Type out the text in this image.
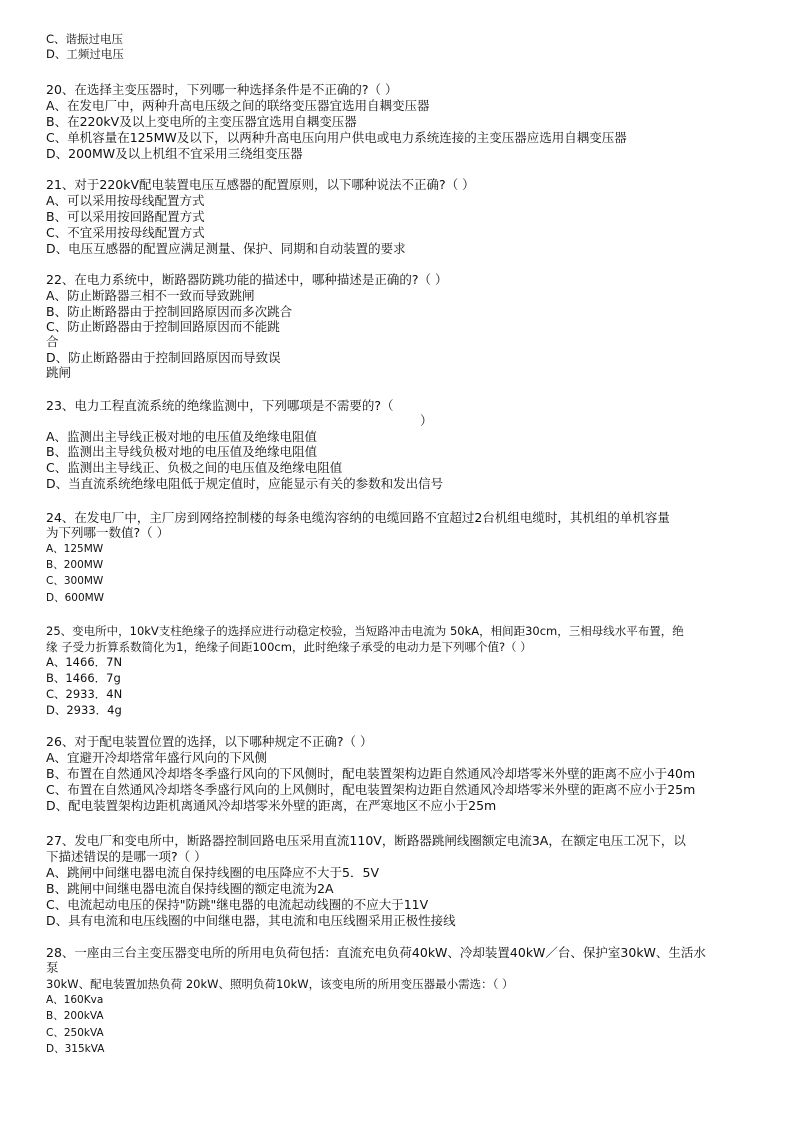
C、谐振过电压
D、工频过电压
20、在选择主变压器时，下列哪一种选择条件是不正确的?（ ）
A、在发电厂中，两种升高电压级之间的联络变压器宜选用自耦变压器
B、在220kV及以上变电所的主变压器宜选用自耦变压器
C、单机容量在125MW及以下，以两种升高电压向用户供电或电力系统连接的主变压器应选用自耦变压器
D、200MW及以上机组不宜采用三绕组变压器
21、对于220kV配电装置电压互感器的配置原则，以下哪种说法不正确?（ ）
A、可以采用按母线配置方式
B、可以采用按回路配置方式
C、不宜采用按母线配置方式
D、电压互感器的配置应满足测量、保护、同期和自动装置的要求
22、在电力系统中，断路器防跳功能的描述中，哪种描述是正确的?（ ）
A、防止断路器三相不一致而导致跳闸
B、防止断路器由于控制回路原因而多次跳合
C、防止断路器由于控制回路原因而不能跳
合
D、防止断路器由于控制回路原因而导致误
跳闸
23、电力工程直流系统的绝缘监测中，下列哪项是不需要的?（
）
A、监测出主导线正极对地的电压值及绝缘电阻值
B、监测出主导线负极对地的电压值及绝缘电阻值
C、监测出主导线正、负极之间的电压值及绝缘电阻值
D、当直流系统绝缘电阻低于规定值时，应能显示有关的参数和发出信号
24、在发电厂中，主厂房到网络控制楼的每条电缆沟容纳的电缆回路不宜超过2台机组电缆时，其机组的单机容量
为下列哪一数值?（ ）
A、125MW
B、200MW
C、300MW
D、600MW
25、变电所中，10kV支柱绝缘子的选择应进行动稳定校验，当短路冲击电流为 50kA，相间距30cm，三相母线水平布置，绝
缘 子受力折算系数简化为1，绝缘子间距100cm，此时绝缘子承受的电动力是下列哪个值?（ ）
A、1466．7N
B、1466．7g
C、2933．4N
D、2933．4g
26、对于配电装置位置的选择，以下哪种规定不正确?（ ）
A、宜避开冷却塔常年盛行风向的下风侧
B、布置在自然通风冷却塔冬季盛行风向的下风侧时，配电装置架构边距自然通风冷却塔零米外壁的距离不应小于40m
C、布置在自然通风冷却塔冬季盛行风向的上风侧时，配电装置架构边距自然通风冷却塔零米外壁的距离不应小于25m
D、配电装置架构边距机离通风冷却塔零米外壁的距离，在严寒地区不应小于25m
27、发电厂和变电所中，断路器控制回路电压采用直流110V，断路器跳闸线圈额定电流3A，在额定电压工况下，以
下描述错误的是哪一项?（ ）
A、跳闸中间继电器电流自保持线圈的电压降应不大于5．5V
B、跳闸中间继电器电流自保持线圈的额定电流为2A
C、电流起动电压的保持"防跳"继电器的电流起动线圈的不应大于11V
D、具有电流和电压线圈的中间继电器，其电流和电压线圈采用正极性接线
28、一座由三台主变压器变电所的所用电负荷包括：直流充电负荷40kW、冷却装置40kW／台、保护室30kW、生活水
泵
30kW、配电装置加热负荷 20kW、照明负荷10kW，该变电所的所用变压器最小需选：（ ）
A、160Kva
B、200kVA
C、250kVA
D、315kVA
